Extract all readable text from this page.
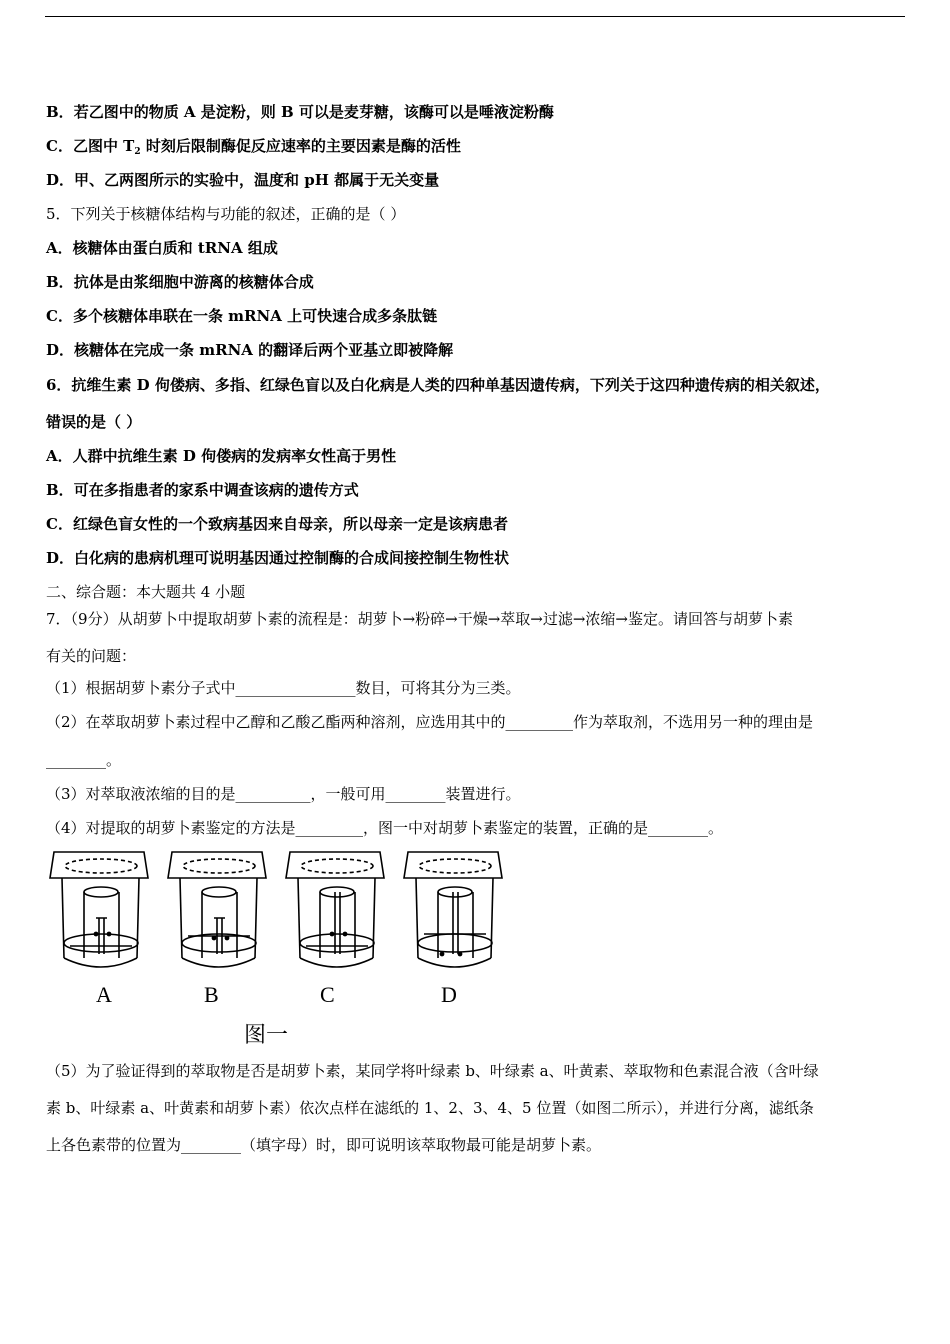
B．若乙图中的物质 A 是淀粉，则 B 可以是麦芽糖，该酶可以是唾液淀粉酶
C．乙图中 $T_2$ 时刻后限制酶促反应速率的主要因素是酶的活性
D．甲、乙两图所示的实验中，温度和 pH 都属于无关变量
5．下列关于核糖体结构与功能的叙述，正确的是（ ）
A．核糖体由蛋白质和 tRNA 组成
B．抗体是由浆细胞中游离的核糖体合成
C．多个核糖体串联在一条 mRNA 上可快速合成多条肽链
D．核糖体在完成一条 mRNA 的翻译后两个亚基立即被降解
6．抗维生素 D 佝偻病、多指、红绿色盲以及白化病是人类的四种单基因遗传病，下列关于这四种遗传病的相关叙述，
错误的是（ ）
A．人群中抗维生素 D 佝偻病的发病率女性高于男性
B．可在多指患者的家系中调查该病的遗传方式
C．红绿色盲女性的一个致病基因来自母亲，所以母亲一定是该病患者
D．白化病的患病机理可说明基因通过控制酶的合成间接控制生物性状
二、综合题：本大题共 4 小题
7．（9分）从胡萝卜中提取胡萝卜素的流程是：胡萝卜→粉碎→干燥→萃取→过滤→浓缩→鉴定。请回答与胡萝卜素
有关的问题：
（1）根据胡萝卜素分子式中________________数目，可将其分为三类。
（2）在萃取胡萝卜素过程中乙醇和乙酸乙酯两种溶剂，应选用其中的_________作为萃取剂，不选用另一种的理由是
________。
（3）对萃取液浓缩的目的是__________，一般可用________装置进行。
（4）对提取的胡萝卜素鉴定的方法是_________，图一中对胡萝卜素鉴定的装置，正确的是________。
A	B	C	D
图一
（5）为了验证得到的萃取物是否是胡萝卜素，某同学将叶绿素 b、叶绿素 a、叶黄素、萃取物和色素混合液（含叶绿
素 b、叶绿素 a、叶黄素和胡萝卜素）依次点样在滤纸的 1、2、3、4、5 位置（如图二所示），并进行分离，滤纸条
上各色素带的位置为________（填字母）时，即可说明该萃取物最可能是胡萝卜素。
